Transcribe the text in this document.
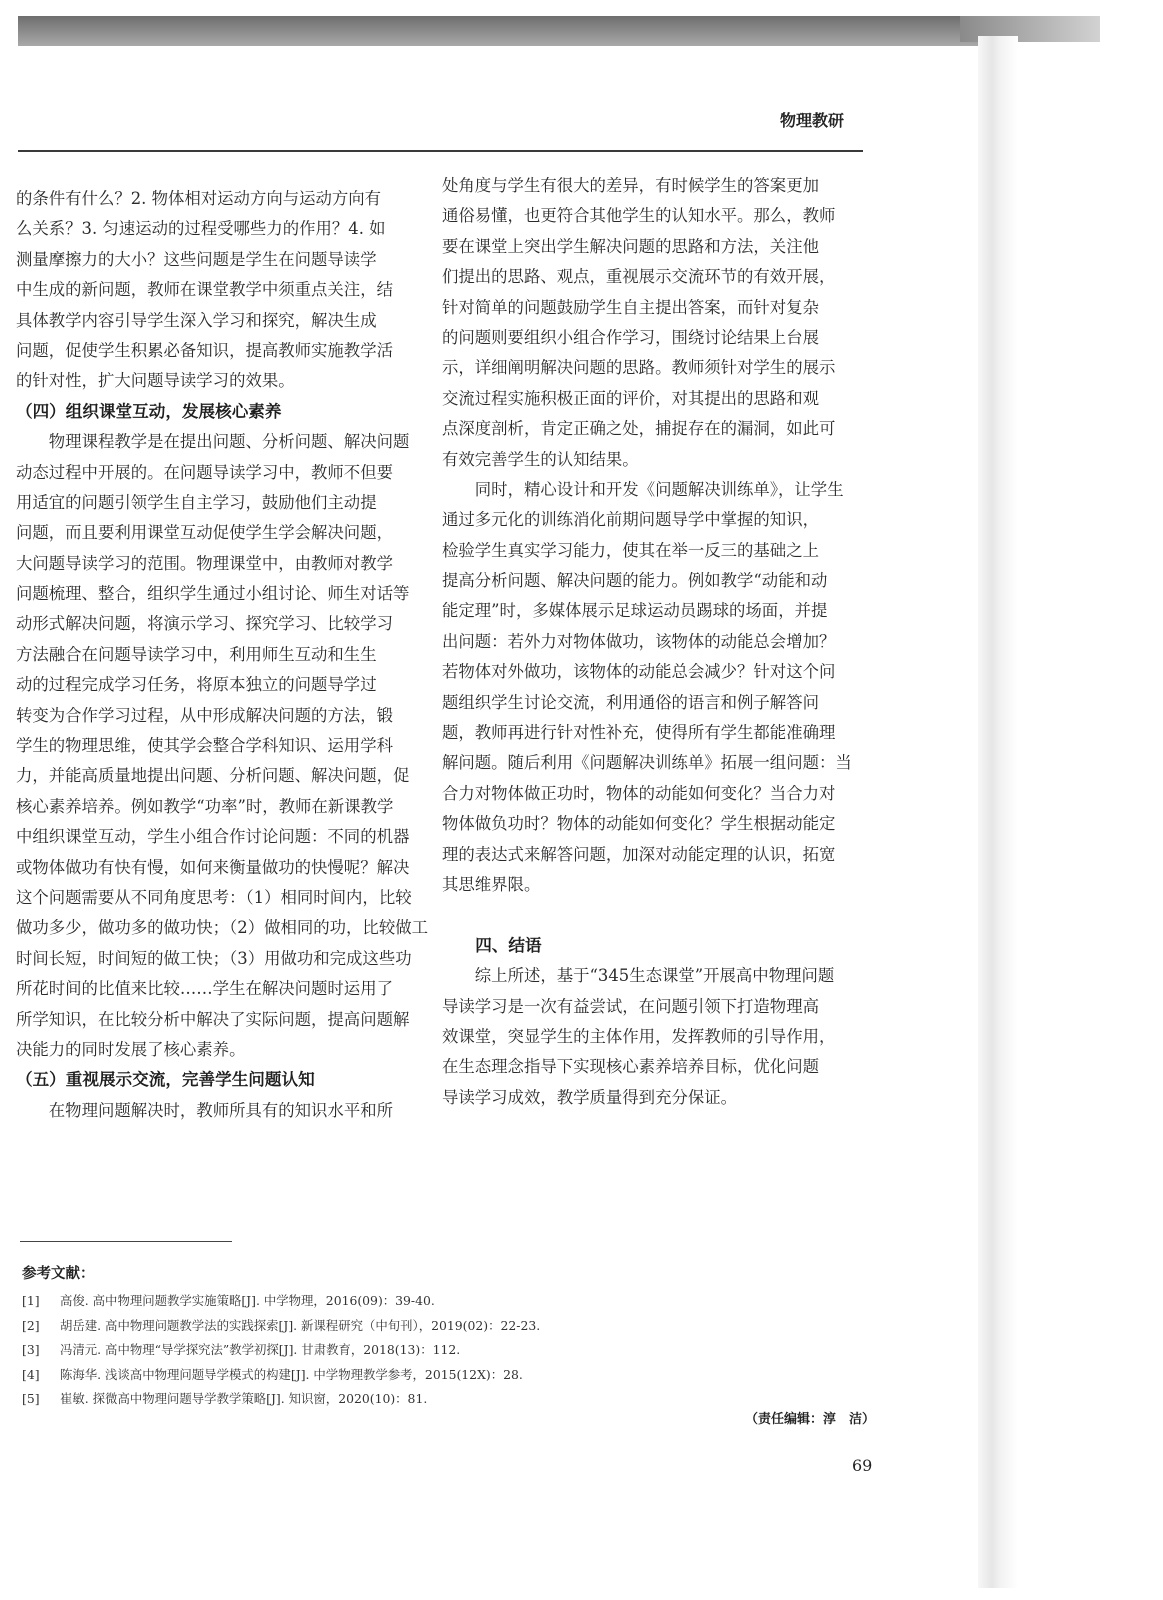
物理教研
的条件有什么？2. 物体相对运动方向与运动方向有
么关系？3. 匀速运动的过程受哪些力的作用？4. 如
测量摩擦力的大小？这些问题是学生在问题导读学
中生成的新问题，教师在课堂教学中须重点关注，结
具体教学内容引导学生深入学习和探究，解决生成
问题，促使学生积累必备知识，提高教师实施教学活
的针对性，扩大问题导读学习的效果。
（四）组织课堂互动，发展核心素养
物理课程教学是在提出问题、分析问题、解决问题
动态过程中开展的。在问题导读学习中，教师不但要
用适宜的问题引领学生自主学习，鼓励他们主动提
问题，而且要利用课堂互动促使学生学会解决问题，
大问题导读学习的范围。物理课堂中，由教师对教学
问题梳理、整合，组织学生通过小组讨论、师生对话等
动形式解决问题，将演示学习、探究学习、比较学习
方法融合在问题导读学习中，利用师生互动和生生
动的过程完成学习任务，将原本独立的问题导学过
转变为合作学习过程，从中形成解决问题的方法，锻
学生的物理思维，使其学会整合学科知识、运用学科
力，并能高质量地提出问题、分析问题、解决问题，促
核心素养培养。例如教学“功率”时，教师在新课教学
中组织课堂互动，学生小组合作讨论问题：不同的机器
或物体做功有快有慢，如何来衡量做功的快慢呢？解决
这个问题需要从不同角度思考：（1）相同时间内，比较
做功多少，做功多的做功快；（2）做相同的功，比较做工
时间长短，时间短的做工快；（3）用做功和完成这些功
所花时间的比值来比较……学生在解决问题时运用了
所学知识，在比较分析中解决了实际问题，提高问题解
决能力的同时发展了核心素养。
（五）重视展示交流，完善学生问题认知
在物理问题解决时，教师所具有的知识水平和所
处角度与学生有很大的差异，有时候学生的答案更加
通俗易懂，也更符合其他学生的认知水平。那么，教师
要在课堂上突出学生解决问题的思路和方法，关注他
们提出的思路、观点，重视展示交流环节的有效开展，
针对简单的问题鼓励学生自主提出答案，而针对复杂
的问题则要组织小组合作学习，围绕讨论结果上台展
示，详细阐明解决问题的思路。教师须针对学生的展示
交流过程实施积极正面的评价，对其提出的思路和观
点深度剖析，肯定正确之处，捕捉存在的漏洞，如此可
有效完善学生的认知结果。
同时，精心设计和开发《问题解决训练单》，让学生
通过多元化的训练消化前期问题导学中掌握的知识，
检验学生真实学习能力，使其在举一反三的基础之上
提高分析问题、解决问题的能力。例如教学“动能和动
能定理”时，多媒体展示足球运动员踢球的场面，并提
出问题：若外力对物体做功，该物体的动能总会增加？
若物体对外做功，该物体的动能总会减少？针对这个问
题组织学生讨论交流，利用通俗的语言和例子解答问
题，教师再进行针对性补充，使得所有学生都能准确理
解问题。随后利用《问题解决训练单》拓展一组问题：当
合力对物体做正功时，物体的动能如何变化？当合力对
物体做负功时？物体的动能如何变化？学生根据动能定
理的表达式来解答问题，加深对动能定理的认识，拓宽
其思维界限。
四、结语
综上所述，基于“345生态课堂”开展高中物理问题
导读学习是一次有益尝试，在问题引领下打造物理高
效课堂，突显学生的主体作用，发挥教师的引导作用，
在生态理念指导下实现核心素养培养目标，优化问题
导读学习成效，教学质量得到充分保证。
参考文献：
[1] 高俊. 高中物理问题教学实施策略[J]. 中学物理，2016(09)：39-40.
[2] 胡岳建. 高中物理问题教学法的实践探索[J]. 新课程研究（中旬刊），2019(02)：22-23.
[3] 冯清元. 高中物理“导学探究法”教学初探[J]. 甘肃教育，2018(13)：112.
[4] 陈海华. 浅谈高中物理问题导学模式的构建[J]. 中学物理教学参考，2015(12X)：28.
[5] 崔敏. 探微高中物理问题导学教学策略[J]. 知识窗，2020(10)：81.
（责任编辑：淳　洁）
69
